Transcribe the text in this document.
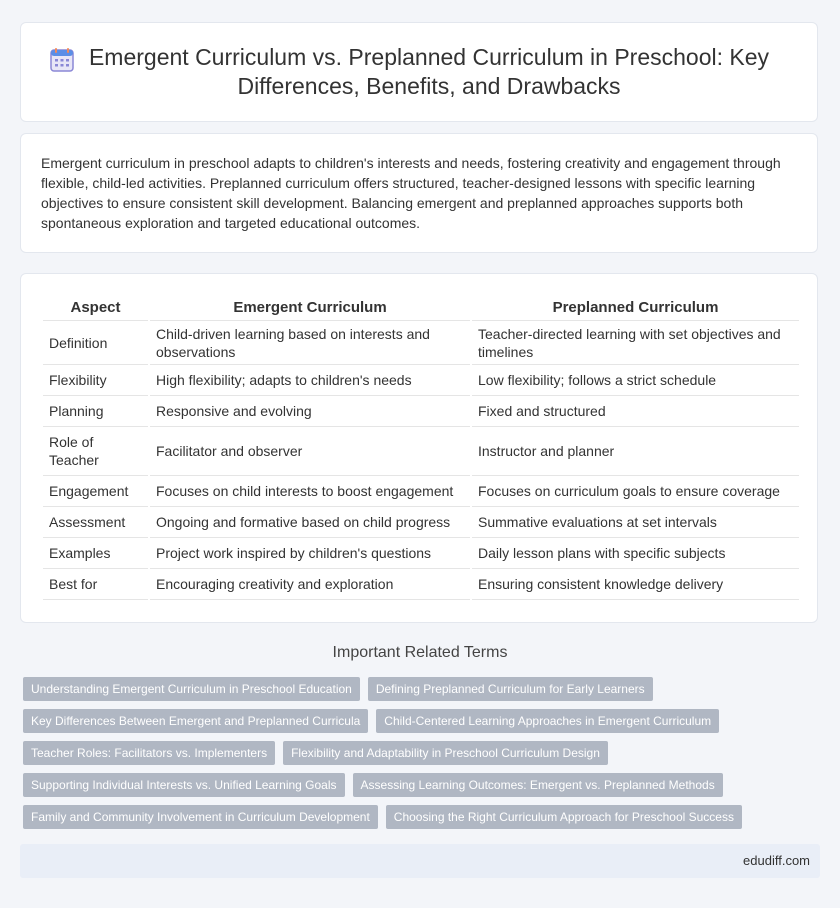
Emergent Curriculum vs. Preplanned Curriculum in Preschool: Key Differences, Benefits, and Drawbacks

Emergent curriculum in preschool adapts to children's interests and needs, fostering creativity and engagement through flexible, child-led activities. Preplanned curriculum offers structured, teacher-designed lessons with specific learning objectives to ensure consistent skill development. Balancing emergent and preplanned approaches supports both spontaneous exploration and targeted educational outcomes.

Aspect	Emergent Curriculum	Preplanned Curriculum
Definition	Child-driven learning based on interests and observations	Teacher-directed learning with set objectives and timelines
Flexibility	High flexibility; adapts to children's needs	Low flexibility; follows a strict schedule
Planning	Responsive and evolving	Fixed and structured
Role of Teacher	Facilitator and observer	Instructor and planner
Engagement	Focuses on child interests to boost engagement	Focuses on curriculum goals to ensure coverage
Assessment	Ongoing and formative based on child progress	Summative evaluations at set intervals
Examples	Project work inspired by children's questions	Daily lesson plans with specific subjects
Best for	Encouraging creativity and exploration	Ensuring consistent knowledge delivery
Important Related Terms
Understanding Emergent Curriculum in Preschool Education	Defining Preplanned Curriculum for Early Learners
Key Differences Between Emergent and Preplanned Curricula	Child-Centered Learning Approaches in Emergent Curriculum
Teacher Roles: Facilitators vs. Implementers	Flexibility and Adaptability in Preschool Curriculum Design
Supporting Individual Interests vs. Unified Learning Goals	Assessing Learning Outcomes: Emergent vs. Preplanned Methods
Family and Community Involvement in Curriculum Development	Choosing the Right Curriculum Approach for Preschool Success
edudiff.com
